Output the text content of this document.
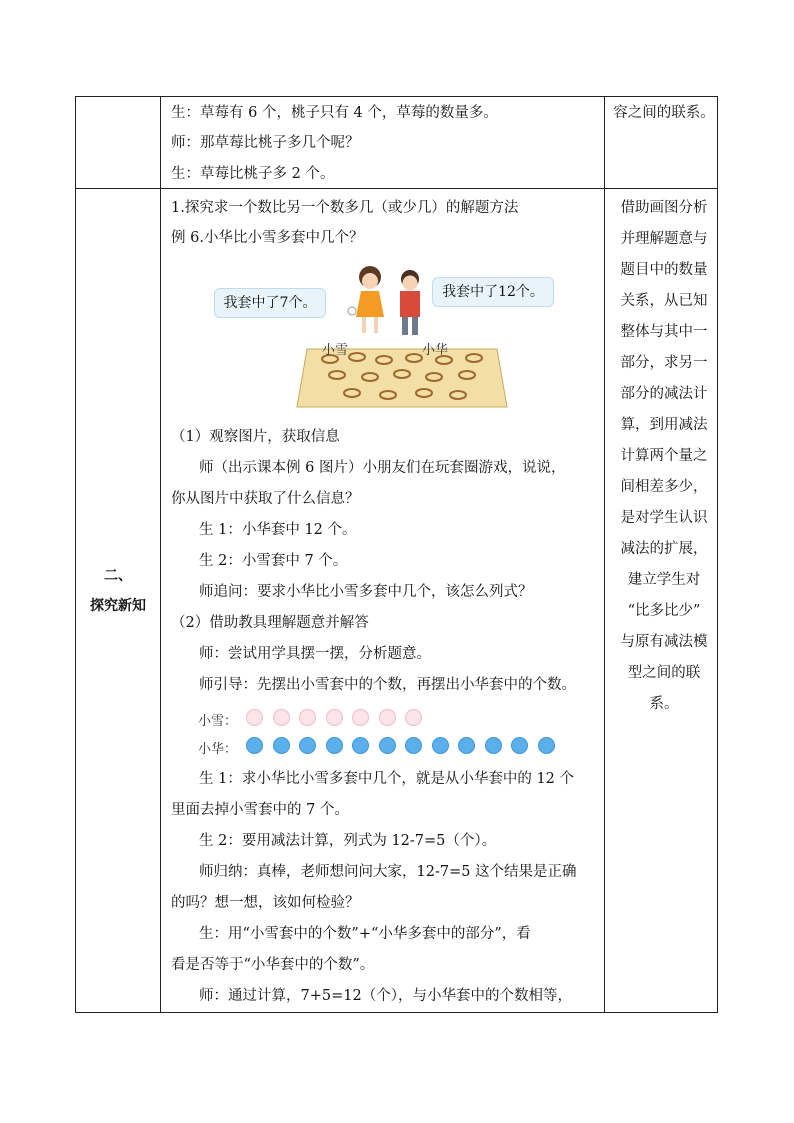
生：草莓有 6 个，桃子只有 4 个，草莓的数量多。
师：那草莓比桃子多几个呢？
生：草莓比桃子多 2 个。
容之间的联系。
二、
探究新知
1.探究求一个数比另一个数多几（或少几）的解题方法
例 6.小华比小雪多套中几个？
我套中了7个。
我套中了12个。
小雪	小华
（1）观察图片，获取信息
师（出示课本例 6 图片）小朋友们在玩套圈游戏，说说，
你从图片中获取了什么信息？
生 1：小华套中 12 个。
生 2：小雪套中 7 个。
师追问：要求小华比小雪多套中几个，该怎么列式？
（2）借助教具理解题意并解答
师：尝试用学具摆一摆，分析题意。
师引导：先摆出小雪套中的个数，再摆出小华套中的个数。
小雪：
小华：
生 1：求小华比小雪多套中几个，就是从小华套中的 12 个
里面去掉小雪套中的 7 个。
生 2：要用减法计算，列式为 12-7=5（个）。
师归纳：真棒，老师想问问大家，12-7=5 这个结果是正确
的吗？想一想，该如何检验？
生：用“小雪套中的个数”+“小华多套中的部分”，看
看是否等于“小华套中的个数”。
师：通过计算，7+5=12（个），与小华套中的个数相等，
借助画图分析
并理解题意与
题目中的数量
关系，从已知
整体与其中一
部分，求另一
部分的减法计
算，到用减法
计算两个量之
间相差多少，
是对学生认识
减法的扩展，
建立学生对
“比多比少”
与原有减法模
型之间的联
系。
